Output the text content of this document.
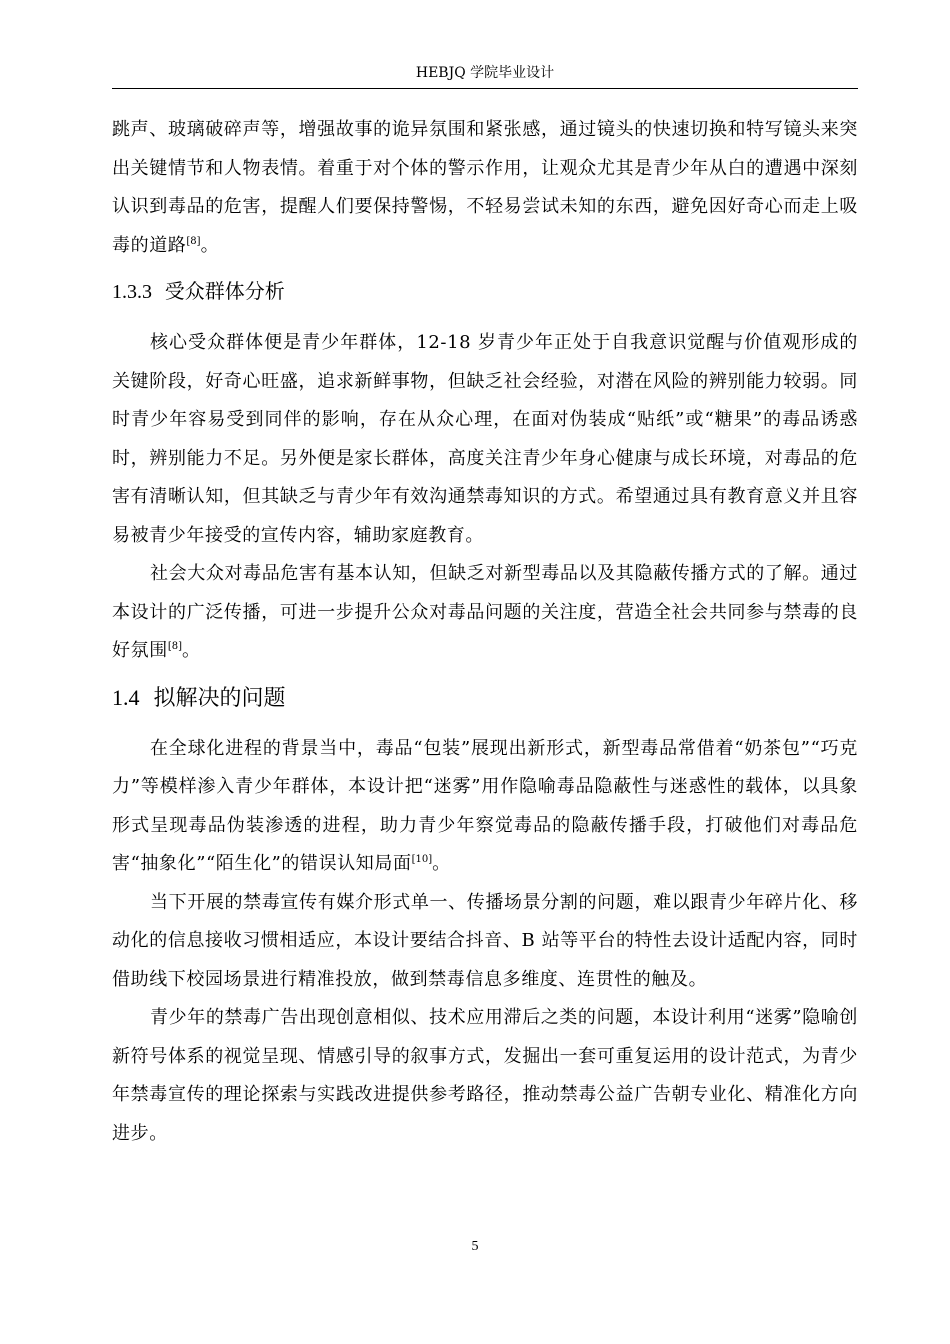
HEBJQ 学院毕业设计

跳声、玻璃破碎声等，增强故事的诡异氛围和紧张感，通过镜头的快速切换和特写镜头来突出关键情节和人物表情。着重于对个体的警示作用，让观众尤其是青少年从白的遭遇中深刻认识到毒品的危害，提醒人们要保持警惕，不轻易尝试未知的东西，避免因好奇心而走上吸毒的道路[8]。

1.3.3 受众群体分析

核心受众群体便是青少年群体，12-18 岁青少年正处于自我意识觉醒与价值观形成的关键阶段，好奇心旺盛，追求新鲜事物，但缺乏社会经验，对潜在风险的辨别能力较弱。同时青少年容易受到同伴的影响，存在从众心理，在面对伪装成“贴纸”或“糖果”的毒品诱惑时，辨别能力不足。另外便是家长群体，高度关注青少年身心健康与成长环境，对毒品的危害有清晰认知，但其缺乏与青少年有效沟通禁毒知识的方式。希望通过具有教育意义并且容易被青少年接受的宣传内容，辅助家庭教育。

社会大众对毒品危害有基本认知，但缺乏对新型毒品以及其隐蔽传播方式的了解。通过本设计的广泛传播，可进一步提升公众对毒品问题的关注度，营造全社会共同参与禁毒的良好氛围[8]。

1.4 拟解决的问题

在全球化进程的背景当中，毒品“包装”展现出新形式，新型毒品常借着“奶茶包”“巧克力”等模样渗入青少年群体，本设计把“迷雾”用作隐喻毒品隐蔽性与迷惑性的载体，以具象形式呈现毒品伪装渗透的进程，助力青少年察觉毒品的隐蔽传播手段，打破他们对毒品危害“抽象化”“陌生化”的错误认知局面[10]。

当下开展的禁毒宣传有媒介形式单一、传播场景分割的问题，难以跟青少年碎片化、移动化的信息接收习惯相适应，本设计要结合抖音、B 站等平台的特性去设计适配内容，同时借助线下校园场景进行精准投放，做到禁毒信息多维度、连贯性的触及。

青少年的禁毒广告出现创意相似、技术应用滞后之类的问题，本设计利用“迷雾”隐喻创新符号体系的视觉呈现、情感引导的叙事方式，发掘出一套可重复运用的设计范式，为青少年禁毒宣传的理论探索与实践改进提供参考路径，推动禁毒公益广告朝专业化、精准化方向进步。

5
